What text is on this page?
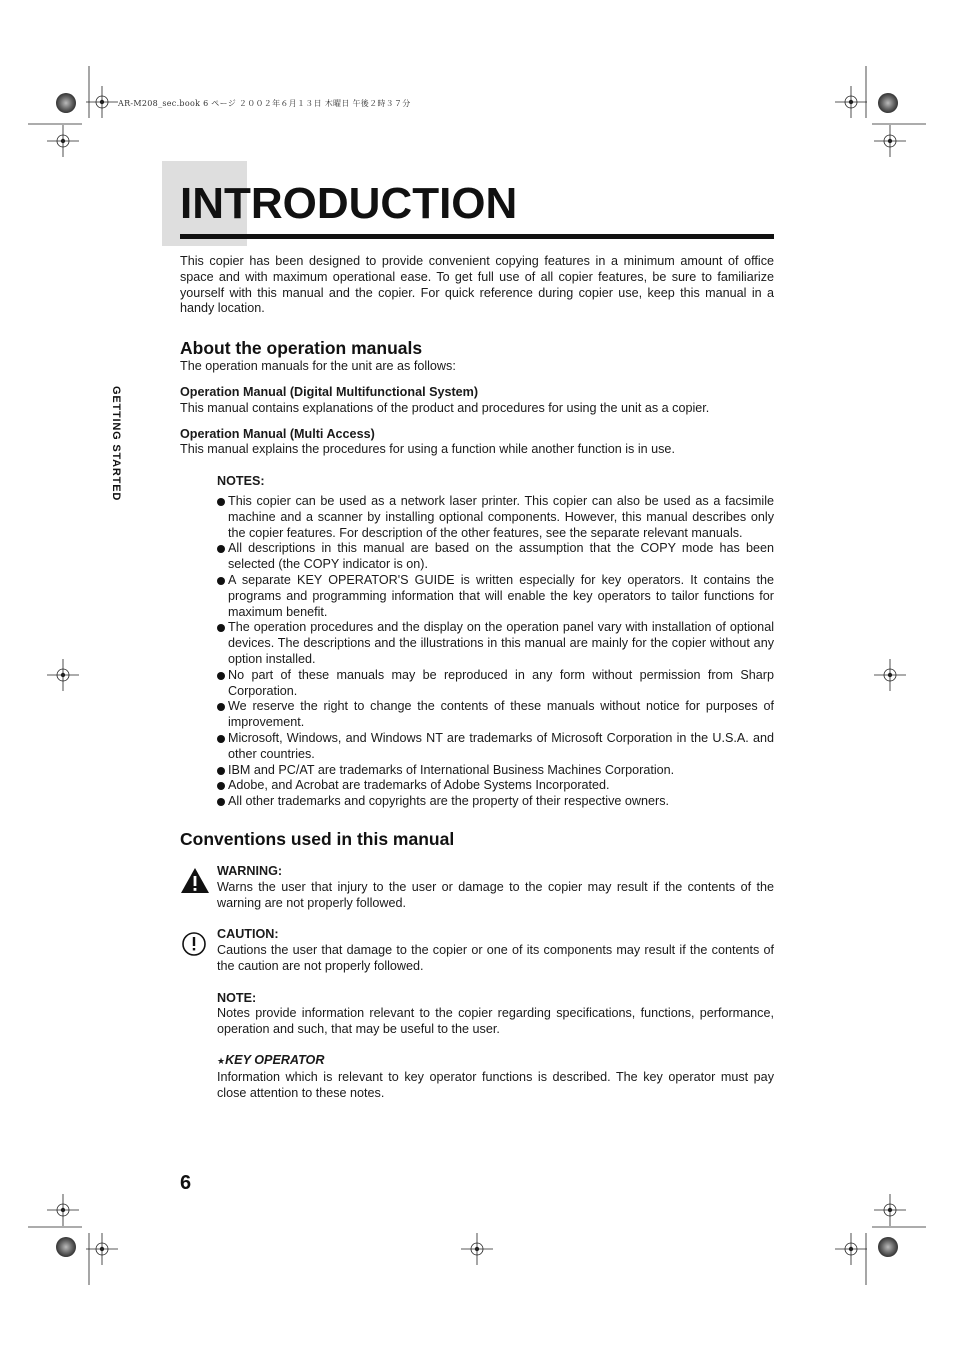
AR-M208_sec.book 6 ページ ２００２年６月１３日 木曜日 午後２時３７分
INTRODUCTION
GETTING STARTED

This copier has been designed to provide convenient copying features in a minimum amount of office space and with maximum operational ease. To get full use of all copier features, be sure to familiarize yourself with this manual and the copier. For quick reference during copier use, keep this manual in a handy location.

About the operation manuals

The operation manuals for the unit are as follows:

Operation Manual (Digital Multifunctional System)

This manual contains explanations of the product and procedures for using the unit as a copier.

Operation Manual (Multi Access)

This manual explains the procedures for using a function while another function is in use.

NOTES:
This copier can be used as a network laser printer. This copier can also be used as a facsimile machine and a scanner by installing optional components. However, this manual describes only the copier features. For description of the other features, see the separate relevant manuals.
All descriptions in this manual are based on the assumption that the COPY mode has been selected (the COPY indicator is on).
A separate KEY OPERATOR'S GUIDE is written especially for key operators. It contains the programs and programming information that will enable the key operators to tailor functions for maximum benefit.
The operation procedures and the display on the operation panel vary with installation of optional devices. The descriptions and the illustrations in this manual are mainly for the copier without any option installed.
No part of these manuals may be reproduced in any form without permission from Sharp Corporation.
We reserve the right to change the contents of these manuals without notice for purposes of improvement.
Microsoft, Windows, and Windows NT are trademarks of Microsoft Corporation in the U.S.A. and other countries.
IBM and PC/AT are trademarks of International Business Machines Corporation.
Adobe, and Acrobat are trademarks of Adobe Systems Incorporated.
All other trademarks and copyrights are the property of their respective owners.
Conventions used in this manual
WARNING:

Warns the user that injury to the user or damage to the copier may result if the contents of the warning are not properly followed.

CAUTION:

Cautions the user that damage to the copier or one of its components may result if the contents of the caution are not properly followed.

NOTE:

Notes provide information relevant to the copier regarding specifications, functions, performance, operation and such, that may be useful to the user.

★KEY OPERATOR

Information which is relevant to key operator functions is described. The key operator must pay close attention to these notes.

6
